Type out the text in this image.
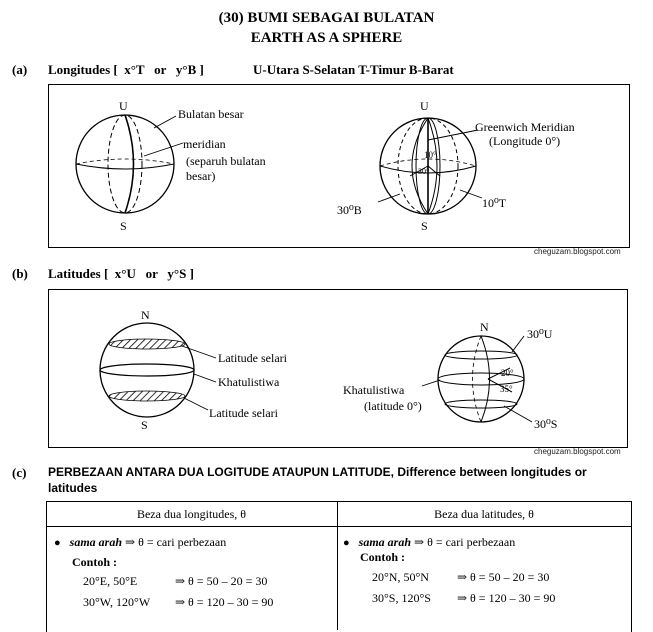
(30) BUMI SEBAGAI BULATAN
EARTH AS A SPHERE
(a) Longitudes [  x°T   or   y°B ]	U-Utara S-Selatan T-Timur B-Barat
U
S
Bulatan besar
meridian
(separuh bulatan
besar)
U
S
Greenwich Meridian
(Longitude 0°)
10°
30°
30⁰B	10⁰T
cheguzam.blogspot.com
(b) Latitudes [  x°U   or   y°S ]
N
S
Latitude selari
Khatulistiwa
Latitude selari
N	30⁰U
20°
35°
Khatulistiwa
(latitude 0°)
30⁰S
cheguzam.blogspot.com
(c) PERBEZAAN ANTARA DUA LOGITUDE ATAUPUN LATITUDE, Difference between longitudes or
latitudes
Beza dua longitudes, θ	Beza dua latitudes, θ
● sama arah ⇒ θ = cari perbezaan
Contoh :
20°E, 50°E	⇒ θ = 50 – 20 = 30
30°W, 120°W ⇒ θ = 120 – 30 = 90
● sama arah ⇒ θ = cari perbezaan
Contoh :
20°N, 50°N ⇒ θ = 50 – 20 = 30
30°S, 120°S ⇒ θ = 120 – 30 = 90
